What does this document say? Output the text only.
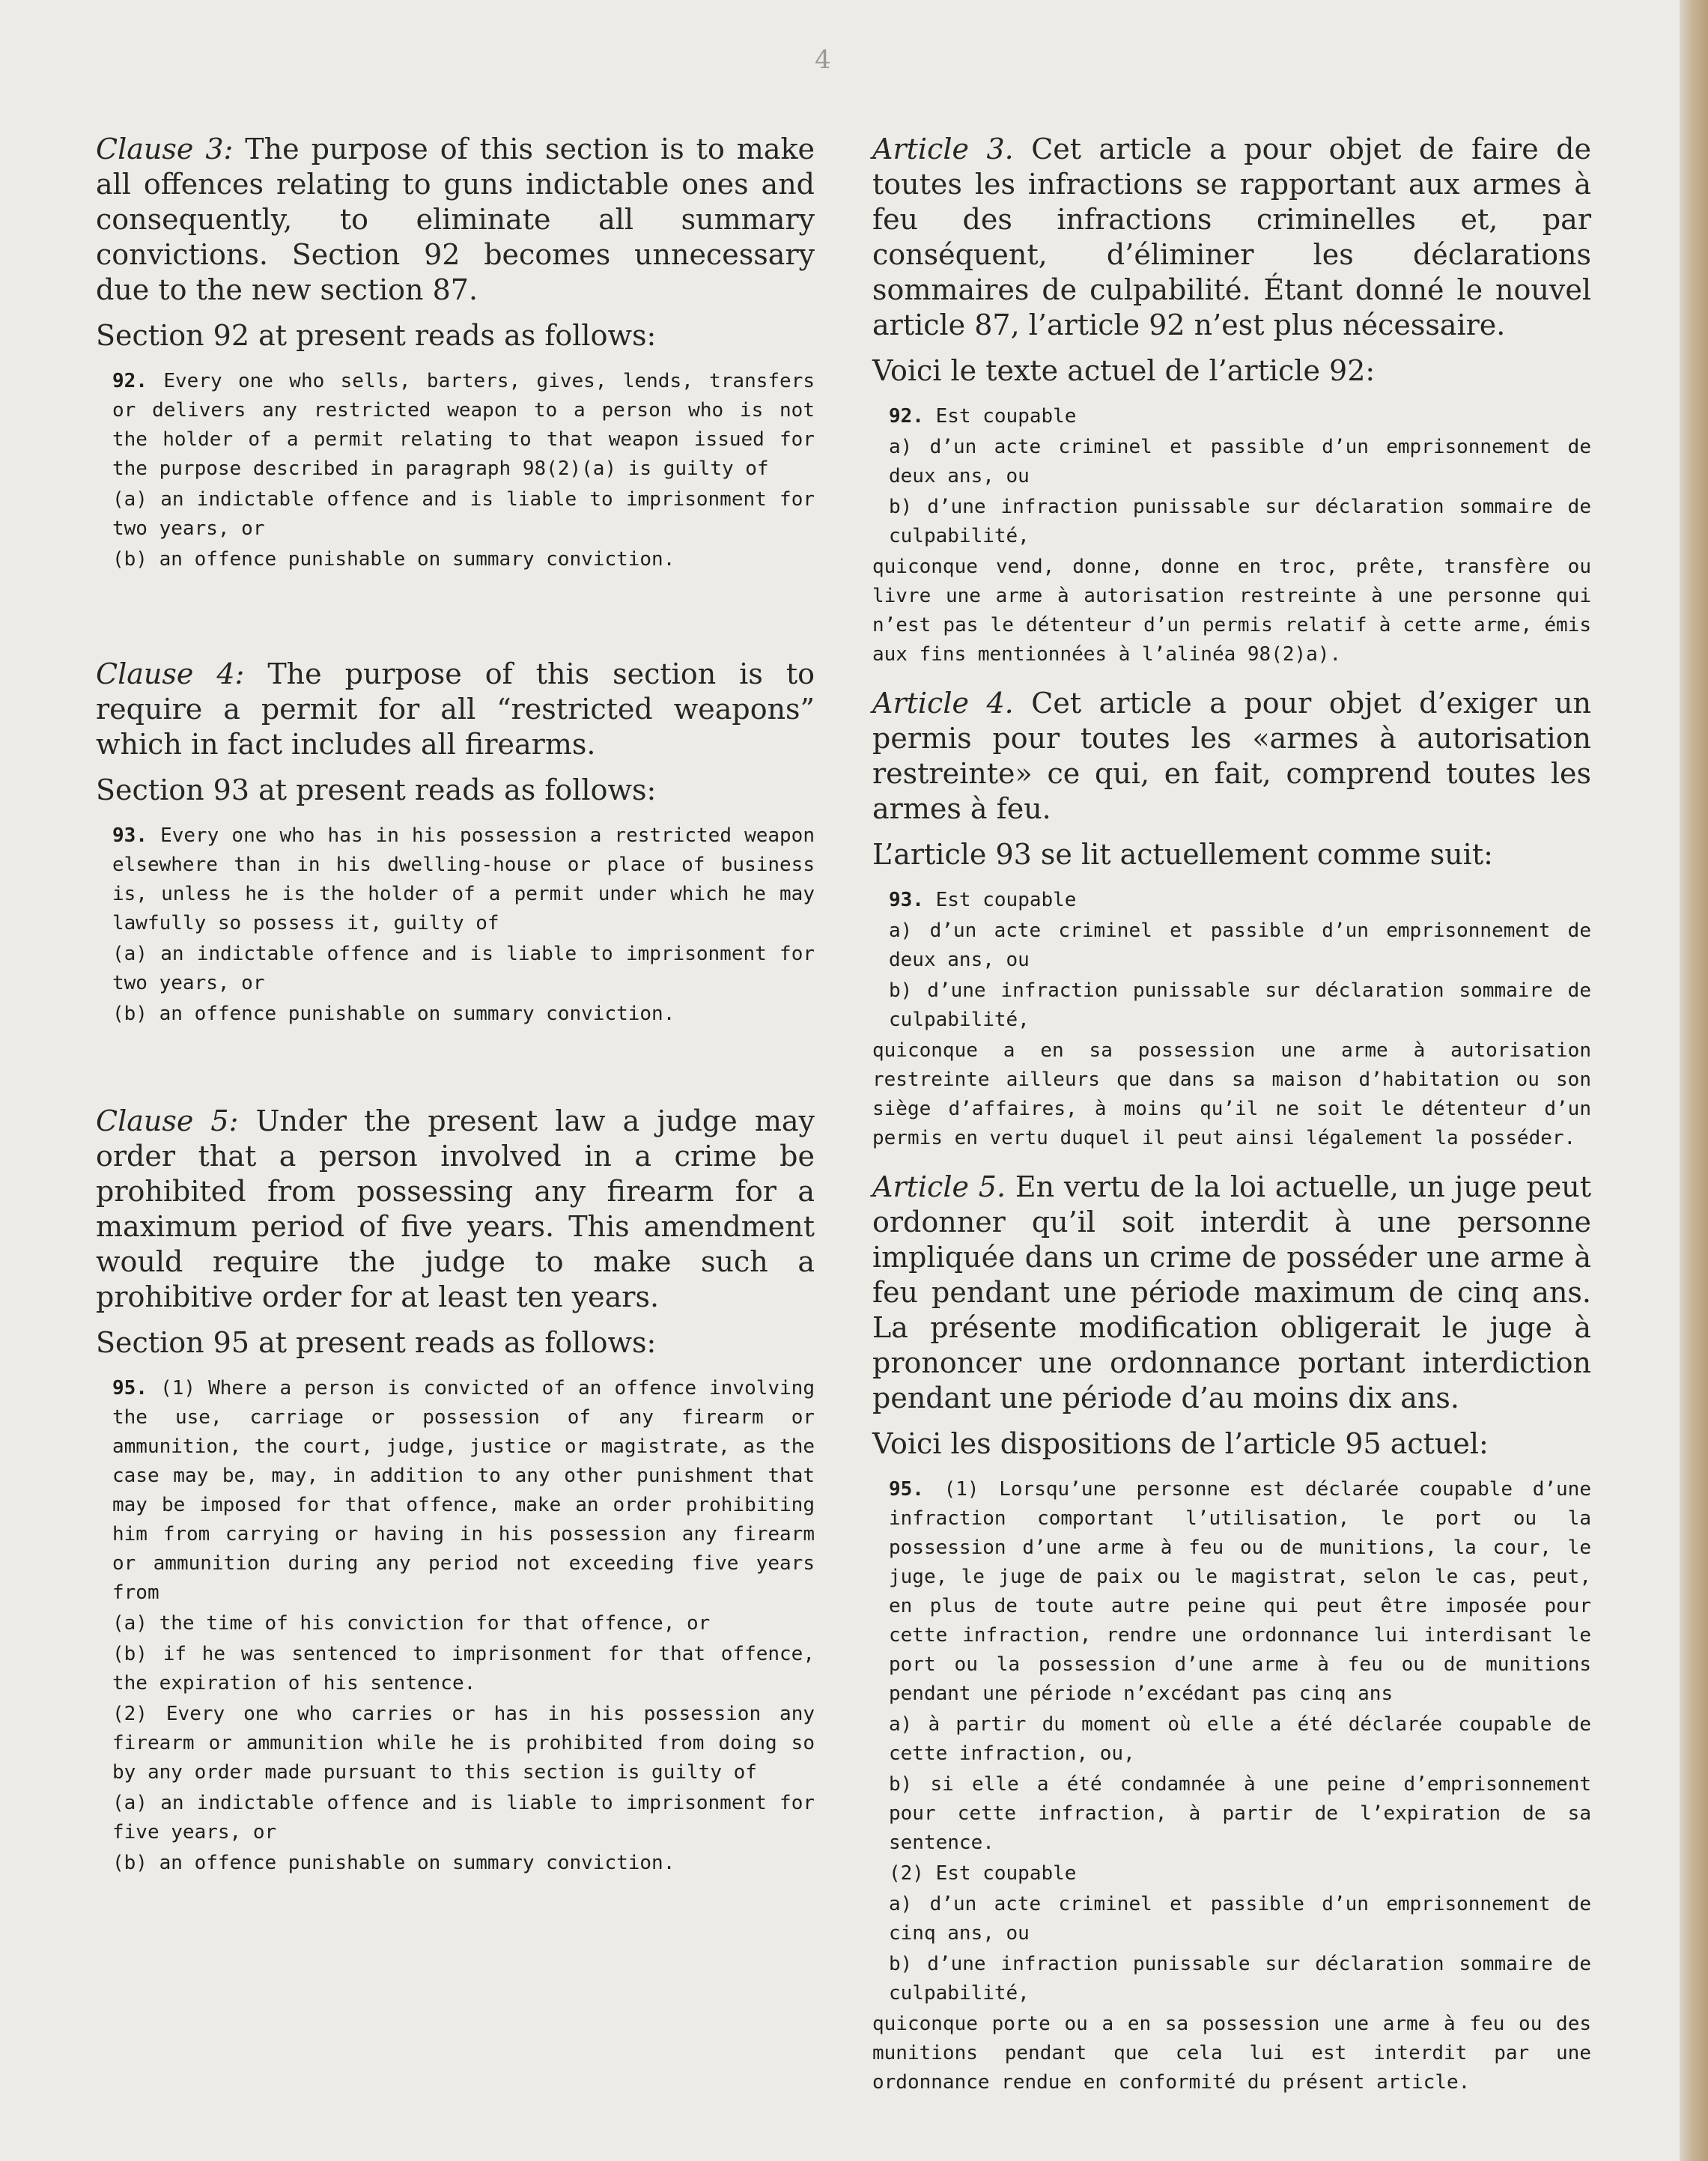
4

Clause 3: The purpose of this section is to make all offences relating to guns indictable ones and consequently, to eliminate all summary convictions. Section 92 becomes unnecessary due to the new section 87.

Section 92 at present reads as follows:

92. Every one who sells, barters, gives, lends, transfers or delivers any restricted weapon to a person who is not the holder of a permit relating to that weapon issued for the purpose described in paragraph 98(2)(a) is guilty of

(a) an indictable offence and is liable to imprisonment for two years, or

(b) an offence punishable on summary conviction.

Clause 4: The purpose of this section is to require a permit for all “restricted weapons” which in fact includes all firearms.

Section 93 at present reads as follows:

93. Every one who has in his possession a restricted weapon elsewhere than in his dwelling-house or place of business is, unless he is the holder of a permit under which he may lawfully so possess it, guilty of

(a) an indictable offence and is liable to imprisonment for two years, or

(b) an offence punishable on summary conviction.

Clause 5: Under the present law a judge may order that a person involved in a crime be prohibited from possessing any firearm for a maximum period of five years. This amendment would require the judge to make such a prohibitive order for at least ten years.

Section 95 at present reads as follows:

95. (1) Where a person is convicted of an offence involving the use, carriage or possession of any firearm or ammunition, the court, judge, justice or magistrate, as the case may be, may, in addition to any other punishment that may be imposed for that offence, make an order prohibiting him from carrying or having in his possession any firearm or ammunition during any period not exceeding five years from

(a) the time of his conviction for that offence, or

(b) if he was sentenced to imprisonment for that offence, the expiration of his sentence.

(2) Every one who carries or has in his possession any firearm or ammunition while he is prohibited from doing so by any order made pursuant to this section is guilty of

(a) an indictable offence and is liable to imprisonment for five years, or

(b) an offence punishable on summary conviction.

Article 3. Cet article a pour objet de faire de toutes les infractions se rapportant aux armes à feu des infractions criminelles et, par conséquent, d’éliminer les déclarations sommaires de culpabilité. Étant donné le nouvel article 87, l’article 92 n’est plus nécessaire.

Voici le texte actuel de l’article 92:

92. Est coupable

a) d’un acte criminel et passible d’un emprisonnement de deux ans, ou

b) d’une infraction punissable sur déclaration sommaire de culpabilité,

quiconque vend, donne, donne en troc, prête, transfère ou livre une arme à autorisation restreinte à une personne qui n’est pas le détenteur d’un permis relatif à cette arme, émis aux fins mentionnées à l’alinéa 98(2)a).

Article 4. Cet article a pour objet d’exiger un permis pour toutes les «armes à autorisation restreinte» ce qui, en fait, comprend toutes les armes à feu.

L’article 93 se lit actuellement comme suit:

93. Est coupable

a) d’un acte criminel et passible d’un emprisonnement de deux ans, ou

b) d’une infraction punissable sur déclaration sommaire de culpabilité,

quiconque a en sa possession une arme à autorisation restreinte ailleurs que dans sa maison d’habitation ou son siège d’affaires, à moins qu’il ne soit le détenteur d’un permis en vertu duquel il peut ainsi légalement la posséder.

Article 5. En vertu de la loi actuelle, un juge peut ordonner qu’il soit interdit à une personne impliquée dans un crime de posséder une arme à feu pendant une période maximum de cinq ans. La présente modification obligerait le juge à prononcer une ordonnance portant interdiction pendant une période d’au moins dix ans.

Voici les dispositions de l’article 95 actuel:

95. (1) Lorsqu’une personne est déclarée coupable d’une infraction comportant l’utilisation, le port ou la possession d’une arme à feu ou de munitions, la cour, le juge, le juge de paix ou le magistrat, selon le cas, peut, en plus de toute autre peine qui peut être imposée pour cette infraction, rendre une ordonnance lui interdisant le port ou la possession d’une arme à feu ou de munitions pendant une période n’excédant pas cinq ans

a) à partir du moment où elle a été déclarée coupable de cette infraction, ou,

b) si elle a été condamnée à une peine d’emprisonnement pour cette infraction, à partir de l’expiration de sa sentence.

(2) Est coupable

a) d’un acte criminel et passible d’un emprisonnement de cinq ans, ou

b) d’une infraction punissable sur déclaration sommaire de culpabilité,

quiconque porte ou a en sa possession une arme à feu ou des munitions pendant que cela lui est interdit par une ordonnance rendue en conformité du présent article.
